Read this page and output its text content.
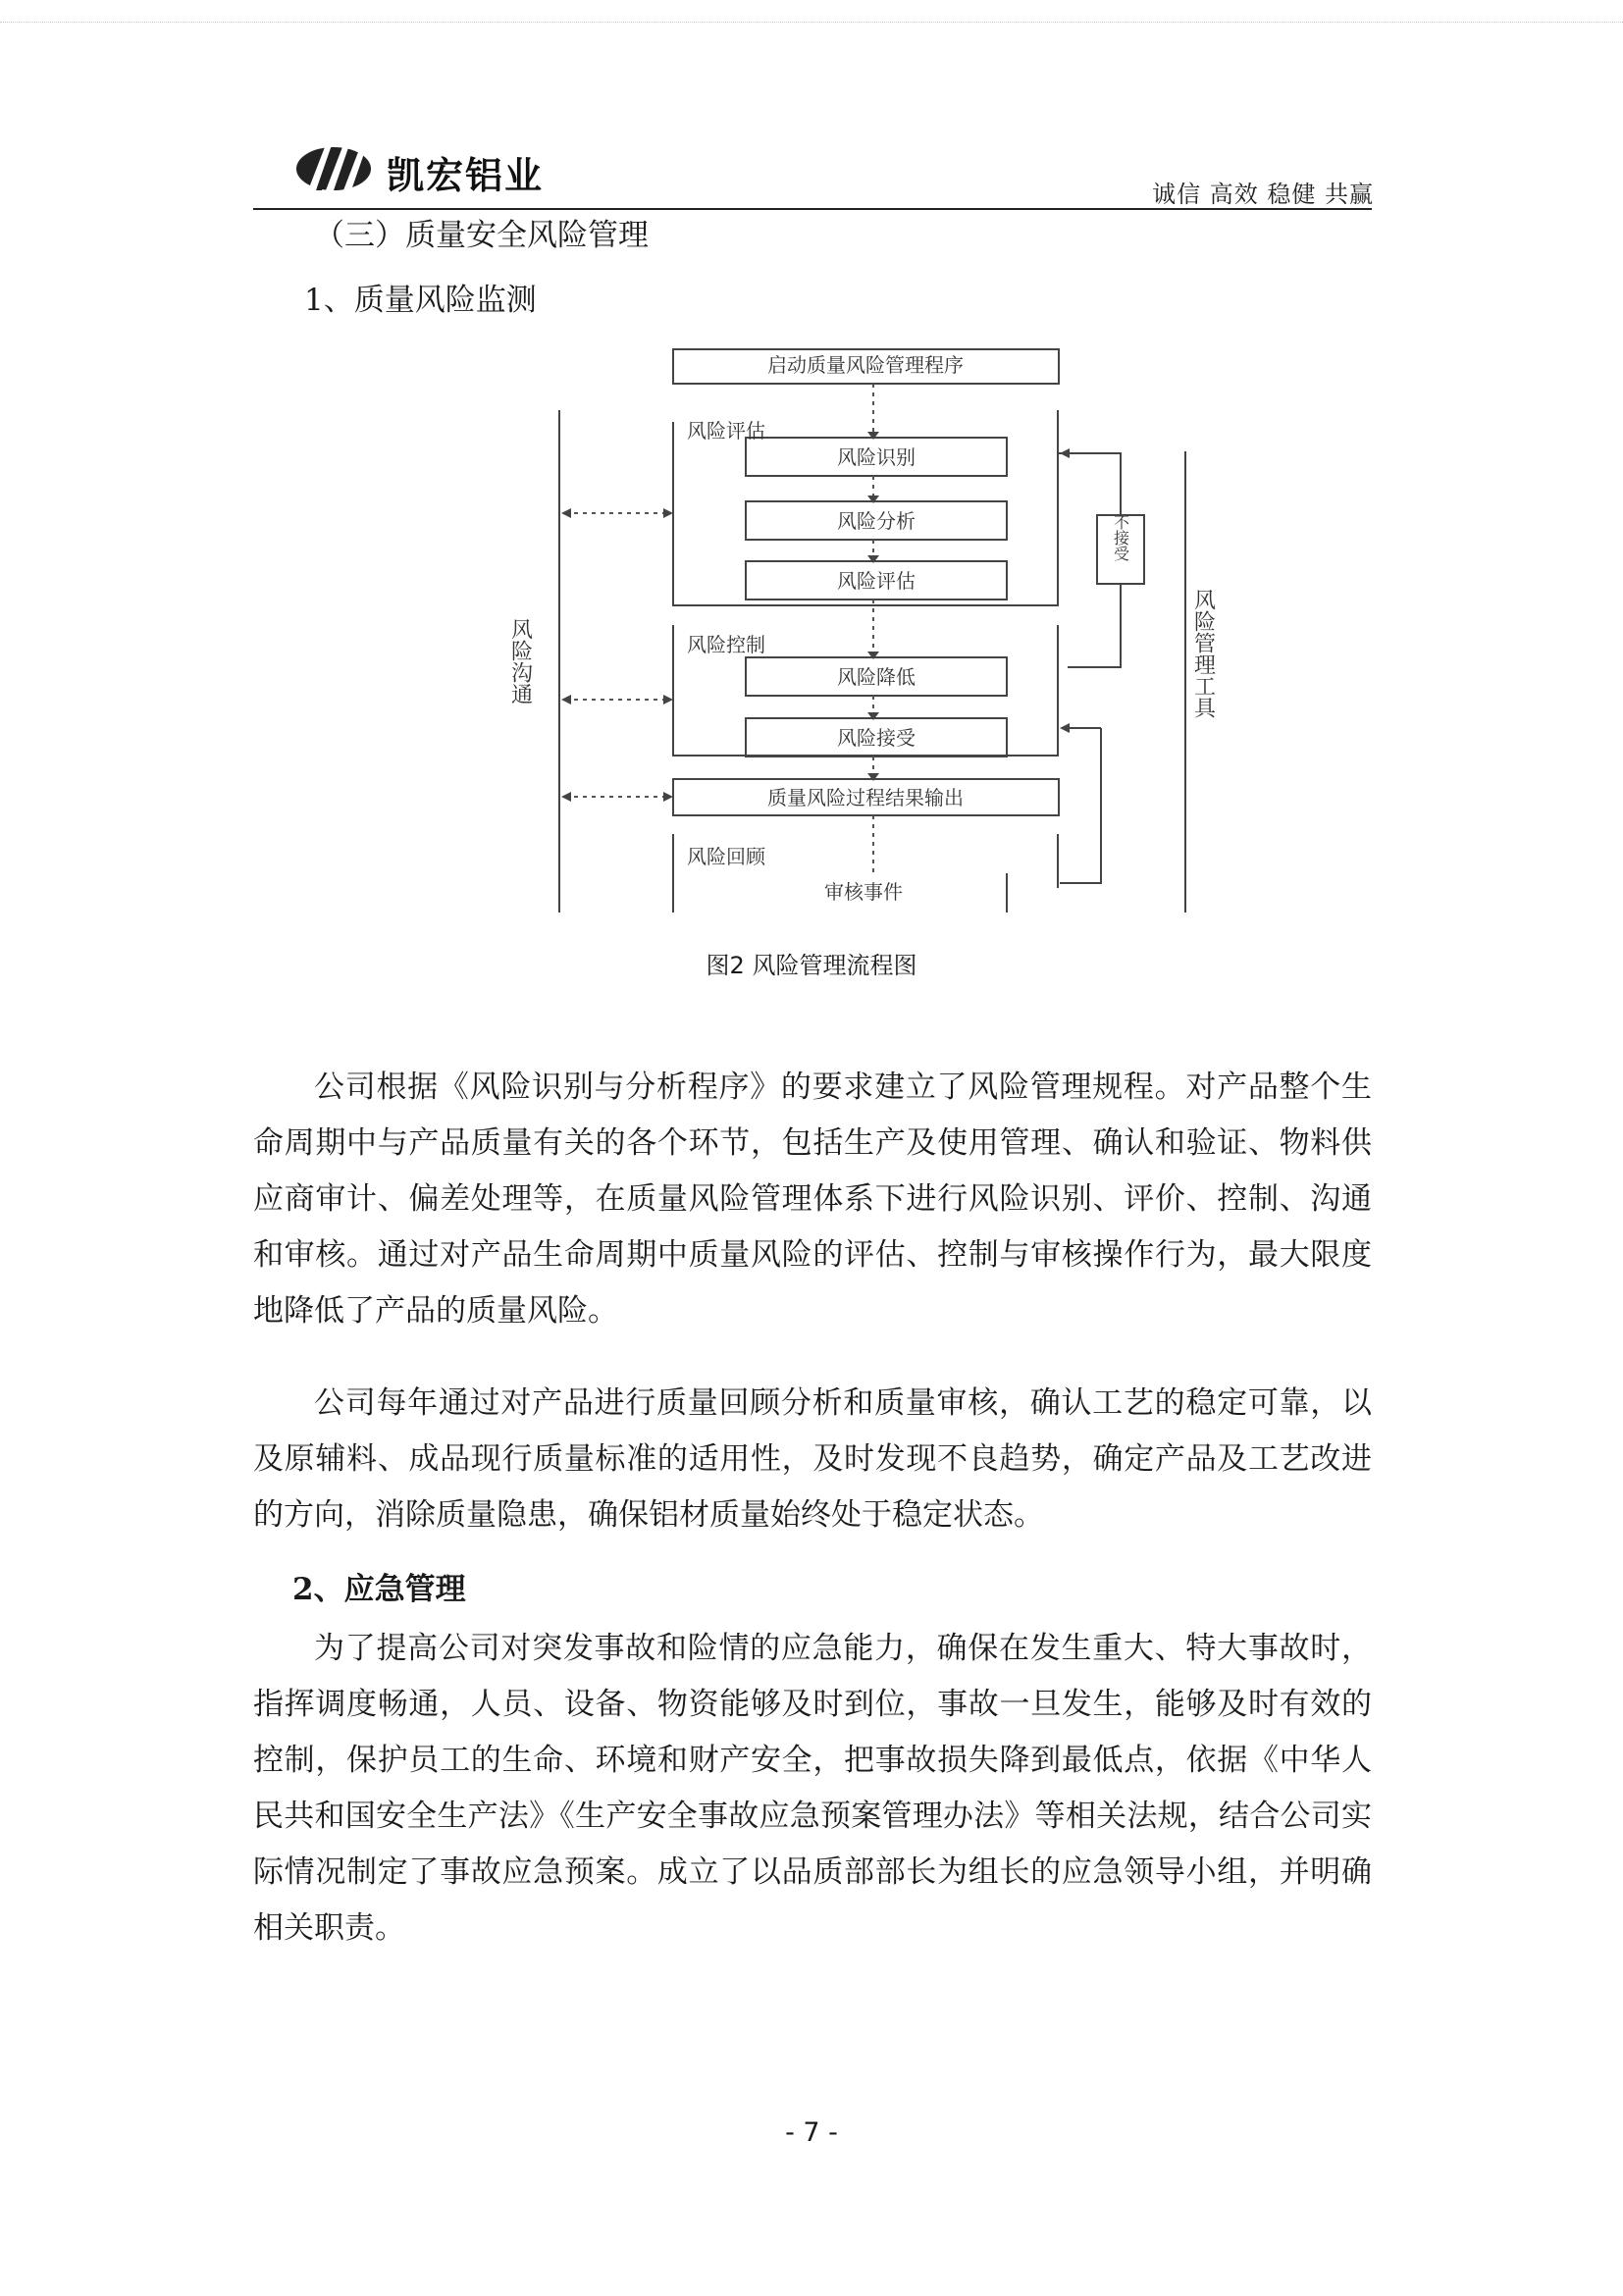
凯宏铝业	诚信 高效 稳健 共赢
（三）质量安全风险管理
1、质量风险监测
启动质量风险管理程序
风险评估
风险识别
风险分析
风险评估
风险控制
风险降低
风险接受
质量风险过程结果输出
风险回顾
审核事件
不接受
风险沟通	风险管理工具
图2 风险管理流程图
公司根据《风险识别与分析程序》的要求建立了风险管理规程。对产品整个生命周期中与产品质量有关的各个环节，包括生产及使用管理、确认和验证、物料供应商审计、偏差处理等，在质量风险管理体系下进行风险识别、评价、控制、沟通和审核。通过对产品生命周期中质量风险的评估、控制与审核操作行为，最大限度地降低了产品的质量风险。
公司每年通过对产品进行质量回顾分析和质量审核，确认工艺的稳定可靠，以及原辅料、成品现行质量标准的适用性，及时发现不良趋势，确定产品及工艺改进的方向，消除质量隐患，确保铝材质量始终处于稳定状态。
2、应急管理
为了提高公司对突发事故和险情的应急能力，确保在发生重大、特大事故时，指挥调度畅通，人员、设备、物资能够及时到位，事故一旦发生，能够及时有效的控制，保护员工的生命、环境和财产安全，把事故损失降到最低点，依据《中华人民共和国安全生产法》《生产安全事故应急预案管理办法》等相关法规，结合公司实际情况制定了事故应急预案。成立了以品质部部长为组长的应急领导小组，并明确相关职责。
- 7 -
